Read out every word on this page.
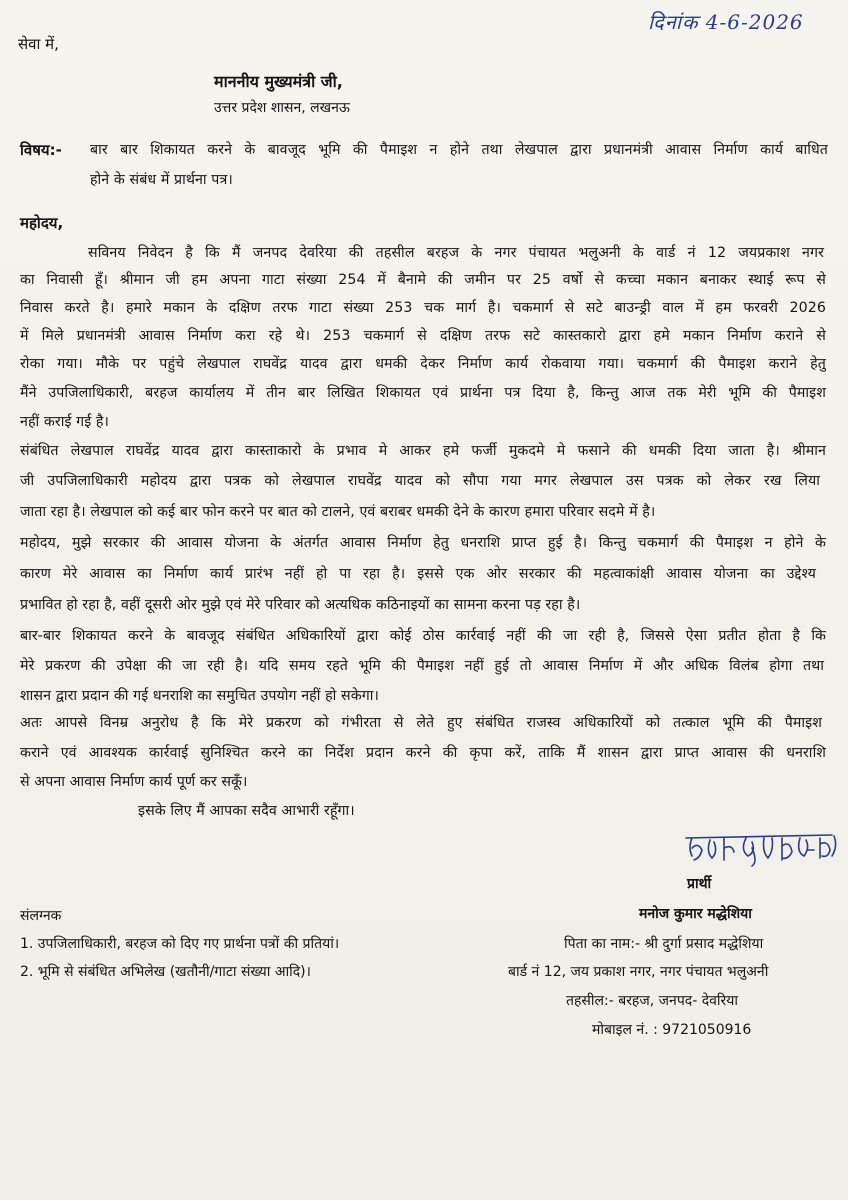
दिनांक 4-6-2026
सेवा में,
माननीय मुख्यमंत्री जी,
उत्तर प्रदेश शासन, लखनऊ
विषय:- बार बार शिकायत करने के बावजूद भूमि की पैमाइश न होने तथा लेखपाल द्वारा प्रधानमंत्री आवास निर्माण कार्य बाधित
होने के संबंध में प्रार्थना पत्र।
महोदय,
सविनय निवेदन है कि मैं जनपद देवरिया की तहसील बरहज के नगर पंचायत भलुअनी के वार्ड नं 12 जयप्रकाश नगर
का निवासी हूँ। श्रीमान जी हम अपना गाटा संख्या 254 में बैनामे की जमीन पर 25 वर्षो से कच्चा मकान बनाकर स्थाई रूप से
निवास करते है। हमारे मकान के दक्षिण तरफ गाटा संख्या 253 चक मार्ग है। चकमार्ग से सटे बाउन्ड्री वाल में हम फरवरी 2026
में मिले प्रधानमंत्री आवास निर्माण करा रहे थे। 253 चकमार्ग से दक्षिण तरफ सटे कास्तकारो द्वारा हमे मकान निर्माण कराने से
रोका गया। मौके पर पहुंचे लेखपाल राघवेंद्र यादव द्वारा धमकी देकर निर्माण कार्य रोकवाया गया। चकमार्ग की पैमाइश कराने हेतु
मैंने उपजिलाधिकारी, बरहज कार्यालय में तीन बार लिखित शिकायत एवं प्रार्थना पत्र दिया है, किन्तु आज तक मेरी भूमि की पैमाइश
नहीं कराई गई है।
संबंधित लेखपाल राघवेंद्र यादव द्वारा कास्ताकारो के प्रभाव मे आकर हमे फर्जी मुकदमे मे फसाने की धमकी दिया जाता है। श्रीमान
जी उपजिलाधिकारी महोदय द्वारा पत्रक को लेखपाल राघवेंद्र यादव को सौपा गया मगर लेखपाल उस पत्रक को लेकर रख लिया
जाता रहा है। लेखपाल को कई बार फोन करने पर बात को टालने, एवं बराबर धमकी देने के कारण हमारा परिवार सदमे में है।
महोदय, मुझे सरकार की आवास योजना के अंतर्गत आवास निर्माण हेतु धनराशि प्राप्त हुई है। किन्तु चकमार्ग की पैमाइश न होने के
कारण मेरे आवास का निर्माण कार्य प्रारंभ नहीं हो पा रहा है। इससे एक ओर सरकार की महत्वाकांक्षी आवास योजना का उद्देश्य
प्रभावित हो रहा है, वहीं दूसरी ओर मुझे एवं मेरे परिवार को अत्यधिक कठिनाइयों का सामना करना पड़ रहा है।
बार-बार शिकायत करने के बावजूद संबंधित अधिकारियों द्वारा कोई ठोस कार्रवाई नहीं की जा रही है, जिससे ऐसा प्रतीत होता है कि
मेरे प्रकरण की उपेक्षा की जा रही है। यदि समय रहते भूमि की पैमाइश नहीं हुई तो आवास निर्माण में और अधिक विलंब होगा तथा
शासन द्वारा प्रदान की गई धनराशि का समुचित उपयोग नहीं हो सकेगा।
अतः आपसे विनम्र अनुरोध है कि मेरे प्रकरण को गंभीरता से लेते हुए संबंधित राजस्व अधिकारियों को तत्काल भूमि की पैमाइश
कराने एवं आवश्यक कार्रवाई सुनिश्चित करने का निर्देश प्रदान करने की कृपा करें, ताकि मैं शासन द्वारा प्राप्त आवास की धनराशि
से अपना आवास निर्माण कार्य पूर्ण कर सकूँ।
इसके लिए मैं आपका सदैव आभारी रहूँगा।
प्रार्थी
मनोज कुमार मद्धेशिया
संलग्नक
1. उपजिलाधिकारी, बरहज को दिए गए प्रार्थना पत्रों की प्रतियां।	पिता का नाम:- श्री दुर्गा प्रसाद मद्धेशिया
2. भूमि से संबंधित अभिलेख (खतौनी/गाटा संख्या आदि)।	बार्ड नं 12, जय प्रकाश नगर, नगर पंचायत भलुअनी
तहसील:- बरहज, जनपद- देवरिया
मोबाइल नं. : 9721050916
